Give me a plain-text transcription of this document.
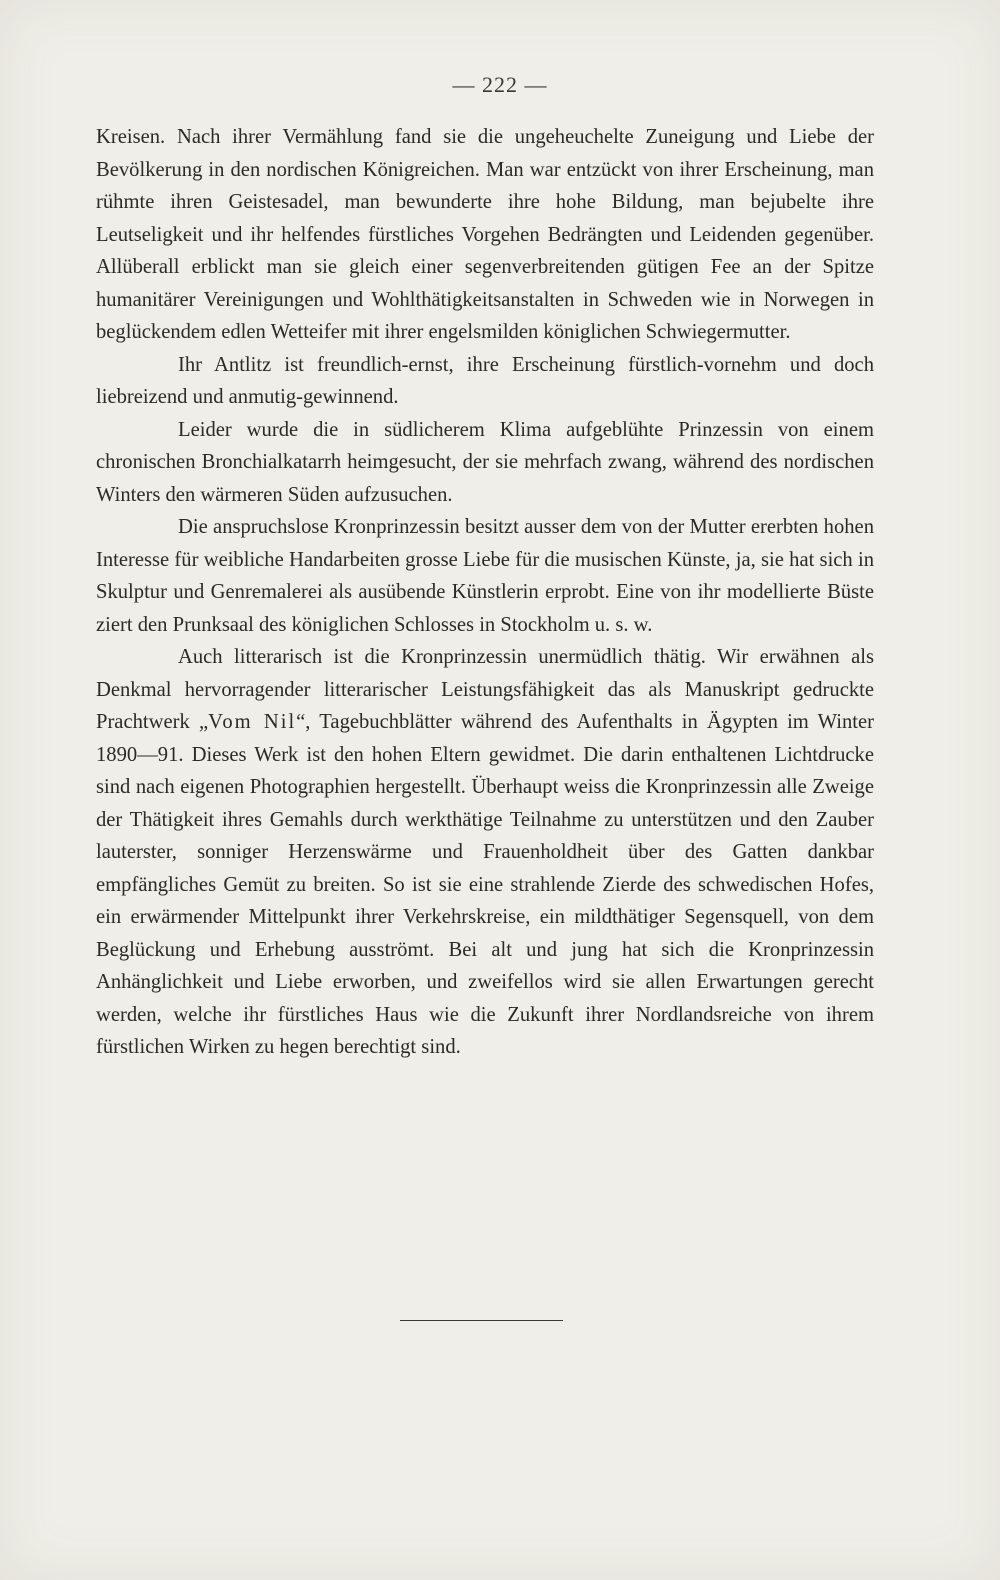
— 222 —

Kreisen. Nach ihrer Vermählung fand sie die ungeheuchelte Zuneigung und Liebe der Bevölkerung in den nordischen Königreichen. Man war entzückt von ihrer Erscheinung, man rühmte ihren Geistesadel, man bewunderte ihre hohe Bildung, man bejubelte ihre Leutseligkeit und ihr helfendes fürstliches Vorgehen Bedrängten und Leidenden gegenüber. Allüberall erblickt man sie gleich einer segenverbreitenden gütigen Fee an der Spitze humanitärer Vereinigungen und Wohlthätigkeitsanstalten in Schweden wie in Norwegen in beglückendem edlen Wetteifer mit ihrer engelsmilden königlichen Schwiegermutter.

Ihr Antlitz ist freundlich-ernst, ihre Erscheinung fürstlich-vornehm und doch liebreizend und anmutig-gewinnend.

Leider wurde die in südlicherem Klima aufgeblühte Prinzessin von einem chronischen Bronchialkatarrh heimgesucht, der sie mehrfach zwang, während des nordischen Winters den wärmeren Süden aufzusuchen.

Die anspruchslose Kronprinzessin besitzt ausser dem von der Mutter ererbten hohen Interesse für weibliche Handarbeiten grosse Liebe für die musischen Künste, ja, sie hat sich in Skulptur und Genremalerei als ausübende Künstlerin erprobt. Eine von ihr modellierte Büste ziert den Prunksaal des königlichen Schlosses in Stockholm u. s. w.

Auch litterarisch ist die Kronprinzessin unermüdlich thätig. Wir erwähnen als Denkmal hervorragender litterarischer Leistungsfähigkeit das als Manuskript gedruckte Prachtwerk „Vom Nil“, Tagebuchblätter während des Aufenthalts in Ägypten im Winter 1890—91. Dieses Werk ist den hohen Eltern gewidmet. Die darin enthaltenen Lichtdrucke sind nach eigenen Photographien hergestellt. Überhaupt weiss die Kronprinzessin alle Zweige der Thätigkeit ihres Gemahls durch werkthätige Teilnahme zu unterstützen und den Zauber lauterster, sonniger Herzenswärme und Frauenholdheit über des Gatten dankbar empfängliches Gemüt zu breiten. So ist sie eine strahlende Zierde des schwedischen Hofes, ein erwärmender Mittelpunkt ihrer Verkehrskreise, ein mildthätiger Segensquell, von dem Beglückung und Erhebung ausströmt. Bei alt und jung hat sich die Kronprinzessin Anhänglichkeit und Liebe erworben, und zweifellos wird sie allen Erwartungen gerecht werden, welche ihr fürstliches Haus wie die Zukunft ihrer Nordlandsreiche von ihrem fürstlichen Wirken zu hegen berechtigt sind.
